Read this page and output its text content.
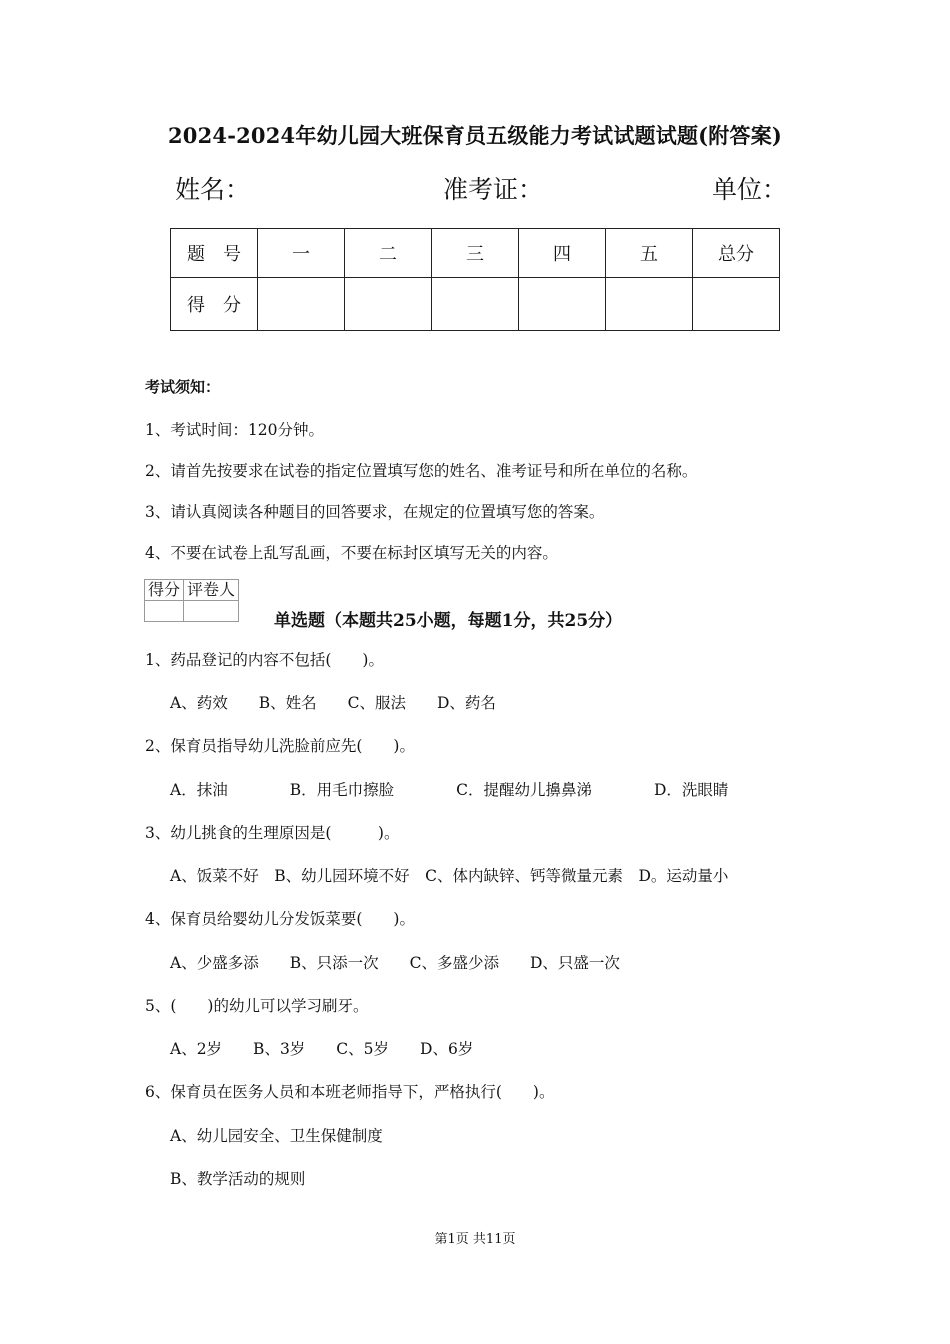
2024-2024年幼儿园大班保育员五级能力考试试题试题(附答案)
姓名：	准考证：	单位：
题　号	一	二	三	四	五	总分
得　分						
考试须知：
1、考试时间：120分钟。
2、请首先按要求在试卷的指定位置填写您的姓名、准考证号和所在单位的名称。
3、请认真阅读各种题目的回答要求，在规定的位置填写您的答案。
4、不要在试卷上乱写乱画，不要在标封区填写无关的内容。
得分	评卷人

单选题（本题共25小题，每题1分，共25分）
1、药品登记的内容不包括(　　)。
A、药效　　B、姓名　　C、服法　　D、药名
2、保育员指导幼儿洗脸前应先(　　)。
A．抹油　　　　B．用毛巾擦脸　　　　C．提醒幼儿擤鼻涕　　　　D．洗眼睛
3、幼儿挑食的生理原因是(　　　)。
A、饭菜不好　B、幼儿园环境不好　C、体内缺锌、钙等微量元素　D。运动量小
4、保育员给婴幼儿分发饭菜要(　　)。
A、少盛多添　　B、只添一次　　C、多盛少添　　D、只盛一次
5、(　　)的幼儿可以学习刷牙。
A、2岁　　B、3岁　　C、5岁　　D、6岁
6、保育员在医务人员和本班老师指导下，严格执行(　　)。
A、幼儿园安全、卫生保健制度
B、教学活动的规则
第1页 共11页
